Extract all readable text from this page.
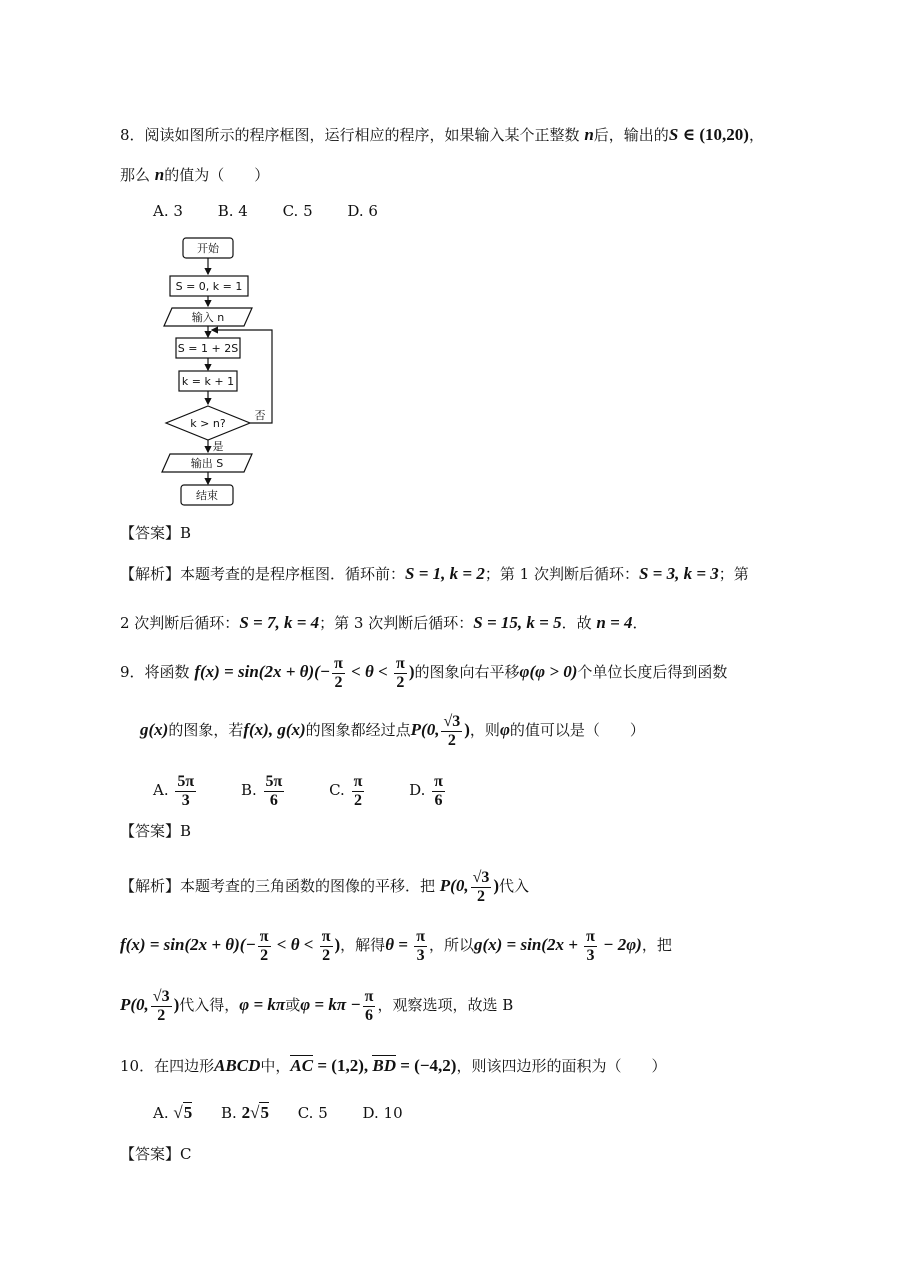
8．阅读如图所示的程序框图，运行相应的程序，如果输入某个正整数 n后，输出的S ∈ (10,20)，
那么 n的值为（　　）
A. 3 B. 4 C. 5 D. 6
开始
S = 0, k = 1
输入 n
S = 1 + 2S
k = k + 1
k > n?
否
是
输出 S
结束
【答案】B
【解析】本题考查的是程序框图．循环前：S = 1, k = 2；第 1 次判断后循环：S = 3, k = 3；第
2 次判断后循环：S = 7, k = 4；第 3 次判断后循环：S = 15, k = 5．故 n = 4．
9．将函数 $f(x) = \sin(2x + \theta)(- \frac{\pi}{2} < \theta < \frac{\pi}{2}$ )的图象向右平移φ(φ > 0)个单位长度后得到函数
g(x)的图象，若f(x), g(x)的图象都经过点P(0, $\frac{√3}{2}$ )，则φ的值可以是（　　）
A. $\frac{5\pi}{3}$	B. $\frac{5\pi}{6}$	C. $\frac{\pi}{2}$	D. $\frac{\pi}{6}$
【答案】B
【解析】本题考查的三角函数的图像的平移．把 P(0, $\frac{√3}{2}$ )代入
$f(x) = \sin(2x + \theta)(- \frac{\pi}{2} < \theta < \frac{\pi}{2}$ )，解得$\theta = \frac{\pi}{3}$ ，所以$g(x) = \sin(2x + \frac{\pi}{3} - 2\varphi)$，把
P(0, $\frac{√3}{2}$ )代入得，φ = kπ或$\varphi = k\pi - \frac{\pi}{6}$ ，观察选项，故选 B
10．在四边形ABCD中，AC = (1,2), BD = (−4,2)，则该四边形的面积为（　　）
A. √5 B. 2√5 C. 5 D. 10
【答案】C
